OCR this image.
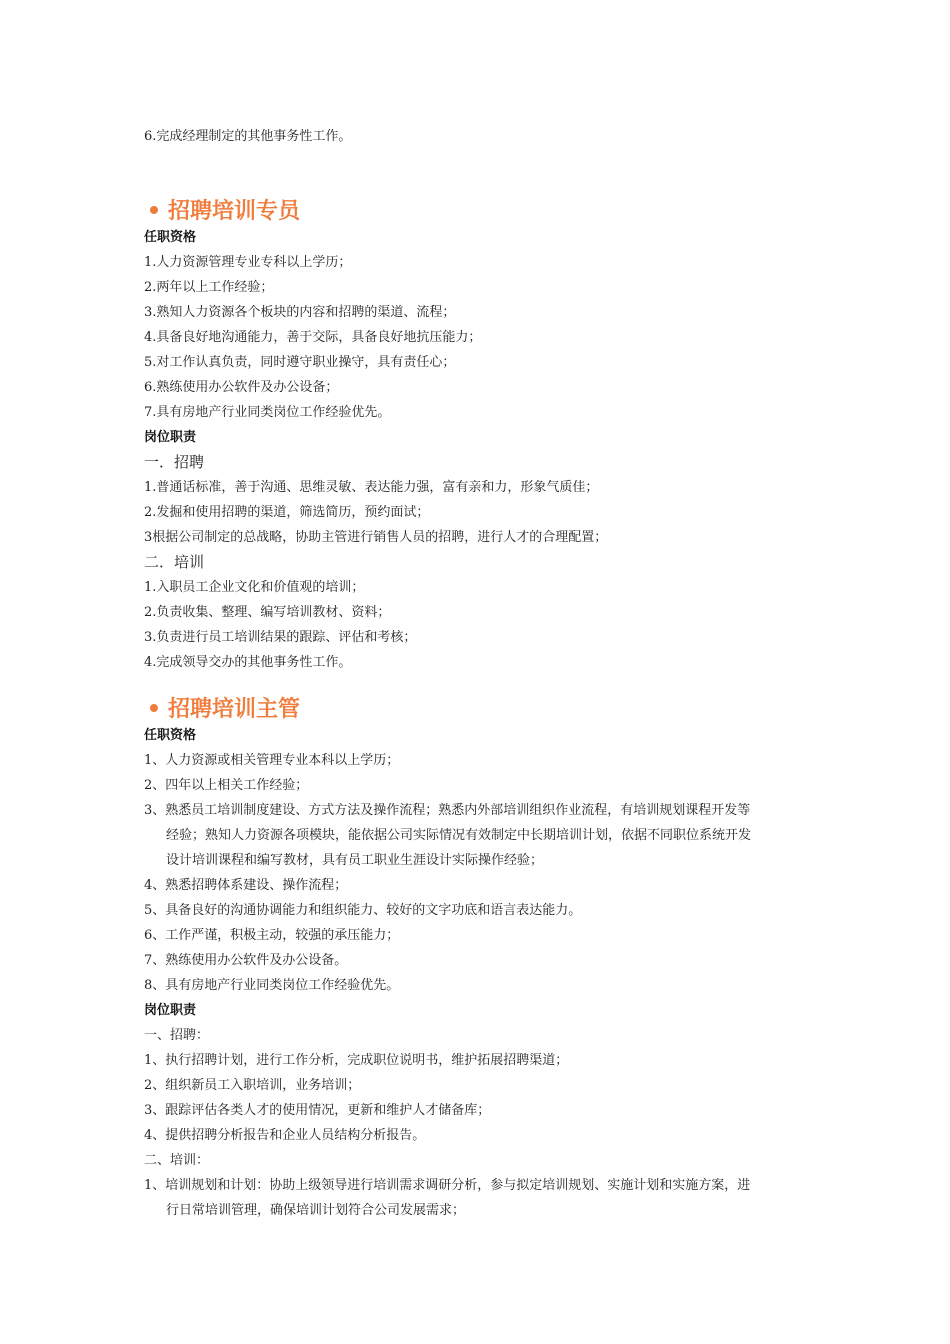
6.完成经理制定的其他事务性工作。
招聘培训专员
任职资格
1.人力资源管理专业专科以上学历；
2.两年以上工作经验；
3.熟知人力资源各个板块的内容和招聘的渠道、流程；
4.具备良好地沟通能力，善于交际，具备良好地抗压能力；
5.对工作认真负责，同时遵守职业操守，具有责任心；
6.熟练使用办公软件及办公设备；
7.具有房地产行业同类岗位工作经验优先。
岗位职责
一．招聘
1.普通话标准，善于沟通、思维灵敏、表达能力强，富有亲和力，形象气质佳；
2.发掘和使用招聘的渠道，筛选简历，预约面试；
3根据公司制定的总战略，协助主管进行销售人员的招聘，进行人才的合理配置；
二．培训
1.入职员工企业文化和价值观的培训；
2.负责收集、整理、编写培训教材、资料；
3.负责进行员工培训结果的跟踪、评估和考核；
4.完成领导交办的其他事务性工作。
招聘培训主管
任职资格
1、人力资源或相关管理专业本科以上学历；
2、四年以上相关工作经验；
3、熟悉员工培训制度建设、方式方法及操作流程；熟悉内外部培训组织作业流程，有培训规划课程开发等
经验；熟知人力资源各项模块，能依据公司实际情况有效制定中长期培训计划，依据不同职位系统开发
设计培训课程和编写教材，具有员工职业生涯设计实际操作经验；
4、熟悉招聘体系建设、操作流程；
5、具备良好的沟通协调能力和组织能力、较好的文字功底和语言表达能力。
6、工作严谨，积极主动，较强的承压能力；
7、熟练使用办公软件及办公设备。
8、具有房地产行业同类岗位工作经验优先。
岗位职责
一、招聘：
1、执行招聘计划，进行工作分析，完成职位说明书，维护拓展招聘渠道；
2、组织新员工入职培训，业务培训；
3、跟踪评估各类人才的使用情况，更新和维护人才储备库；
4、提供招聘分析报告和企业人员结构分析报告。
二、培训：
1、培训规划和计划：协助上级领导进行培训需求调研分析，参与拟定培训规划、实施计划和实施方案，进
行日常培训管理，确保培训计划符合公司发展需求；
